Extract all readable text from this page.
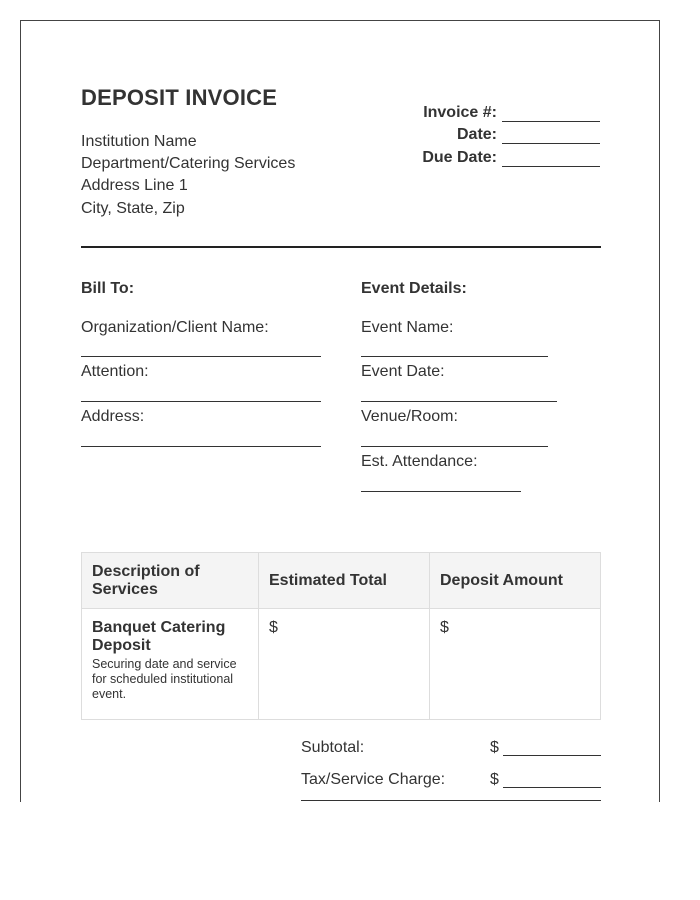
DEPOSIT INVOICE
Institution Name
Department/Catering Services
Address Line 1
City, State, Zip
Invoice #:
Date:
Due Date:
Bill To:
Organization/Client Name:
Attention:
Address:
Event Details:
Event Name:
Event Date:
Venue/Room:
Est. Attendance:
Description of Services	Estimated Total	Deposit Amount

Banquet Catering Deposit
Securing date and service for scheduled institutional event.	$	$
Subtotal:	$
Tax/Service Charge:	$
